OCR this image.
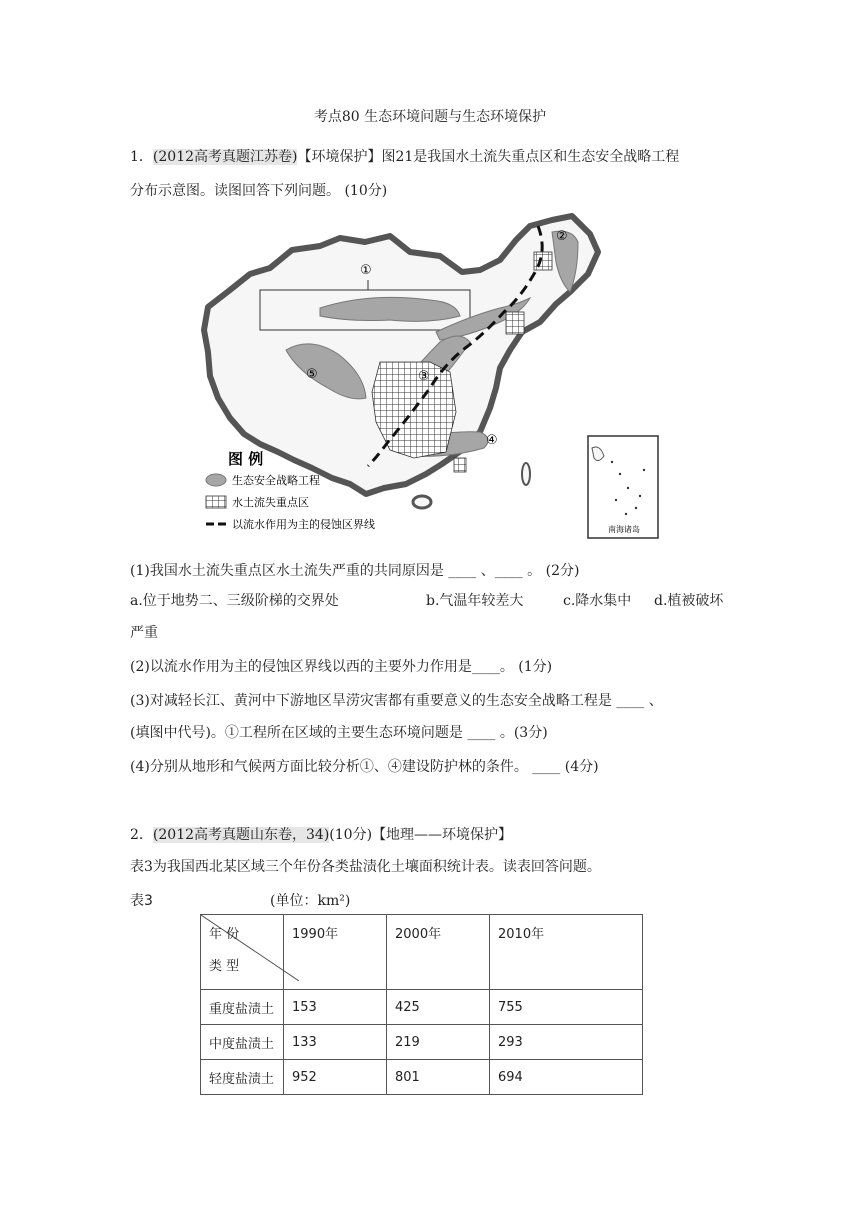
考点80 生态环境问题与生态环境保护
1．(2012高考真题江苏卷)【环境保护】图21是我国水土流失重点区和生态安全战略工程
分布示意图。读图回答下列问题。 (10分)
①
②
③
④
⑤
图 例
生态安全战略工程
水土流失重点区
以流水作用为主的侵蚀区界线	南海诸岛
(1)我国水土流失重点区水土流失严重的共同原因是 ____ 、____ 。 (2分)
a.位于地势二、三级阶梯的交界处	b.气温年较差大	c.降水集中 d.植被破坏
严重
(2)以流水作用为主的侵蚀区界线以西的主要外力作用是____。 (1分)
(3)对减轻长江、黄河中下游地区旱涝灾害都有重要意义的生态安全战略工程是 ____ 、
(填图中代号)。①工程所在区域的主要生态环境问题是 ____ 。(3分)
(4)分别从地形和气候两方面比较分析①、④建设防护林的条件。 ____ (4分)
2．(2012高考真题山东卷，34)(10分)【地理——环境保护】
表3为我国西北某区域三个年份各类盐渍化土壤面积统计表。读表回答问题。
表3	(单位：km²)
年 份
类 型	1990年	2000年	2010年
重度盐渍土	153	425	755
中度盐渍土	133	219	293
轻度盐渍土	952	801	694
